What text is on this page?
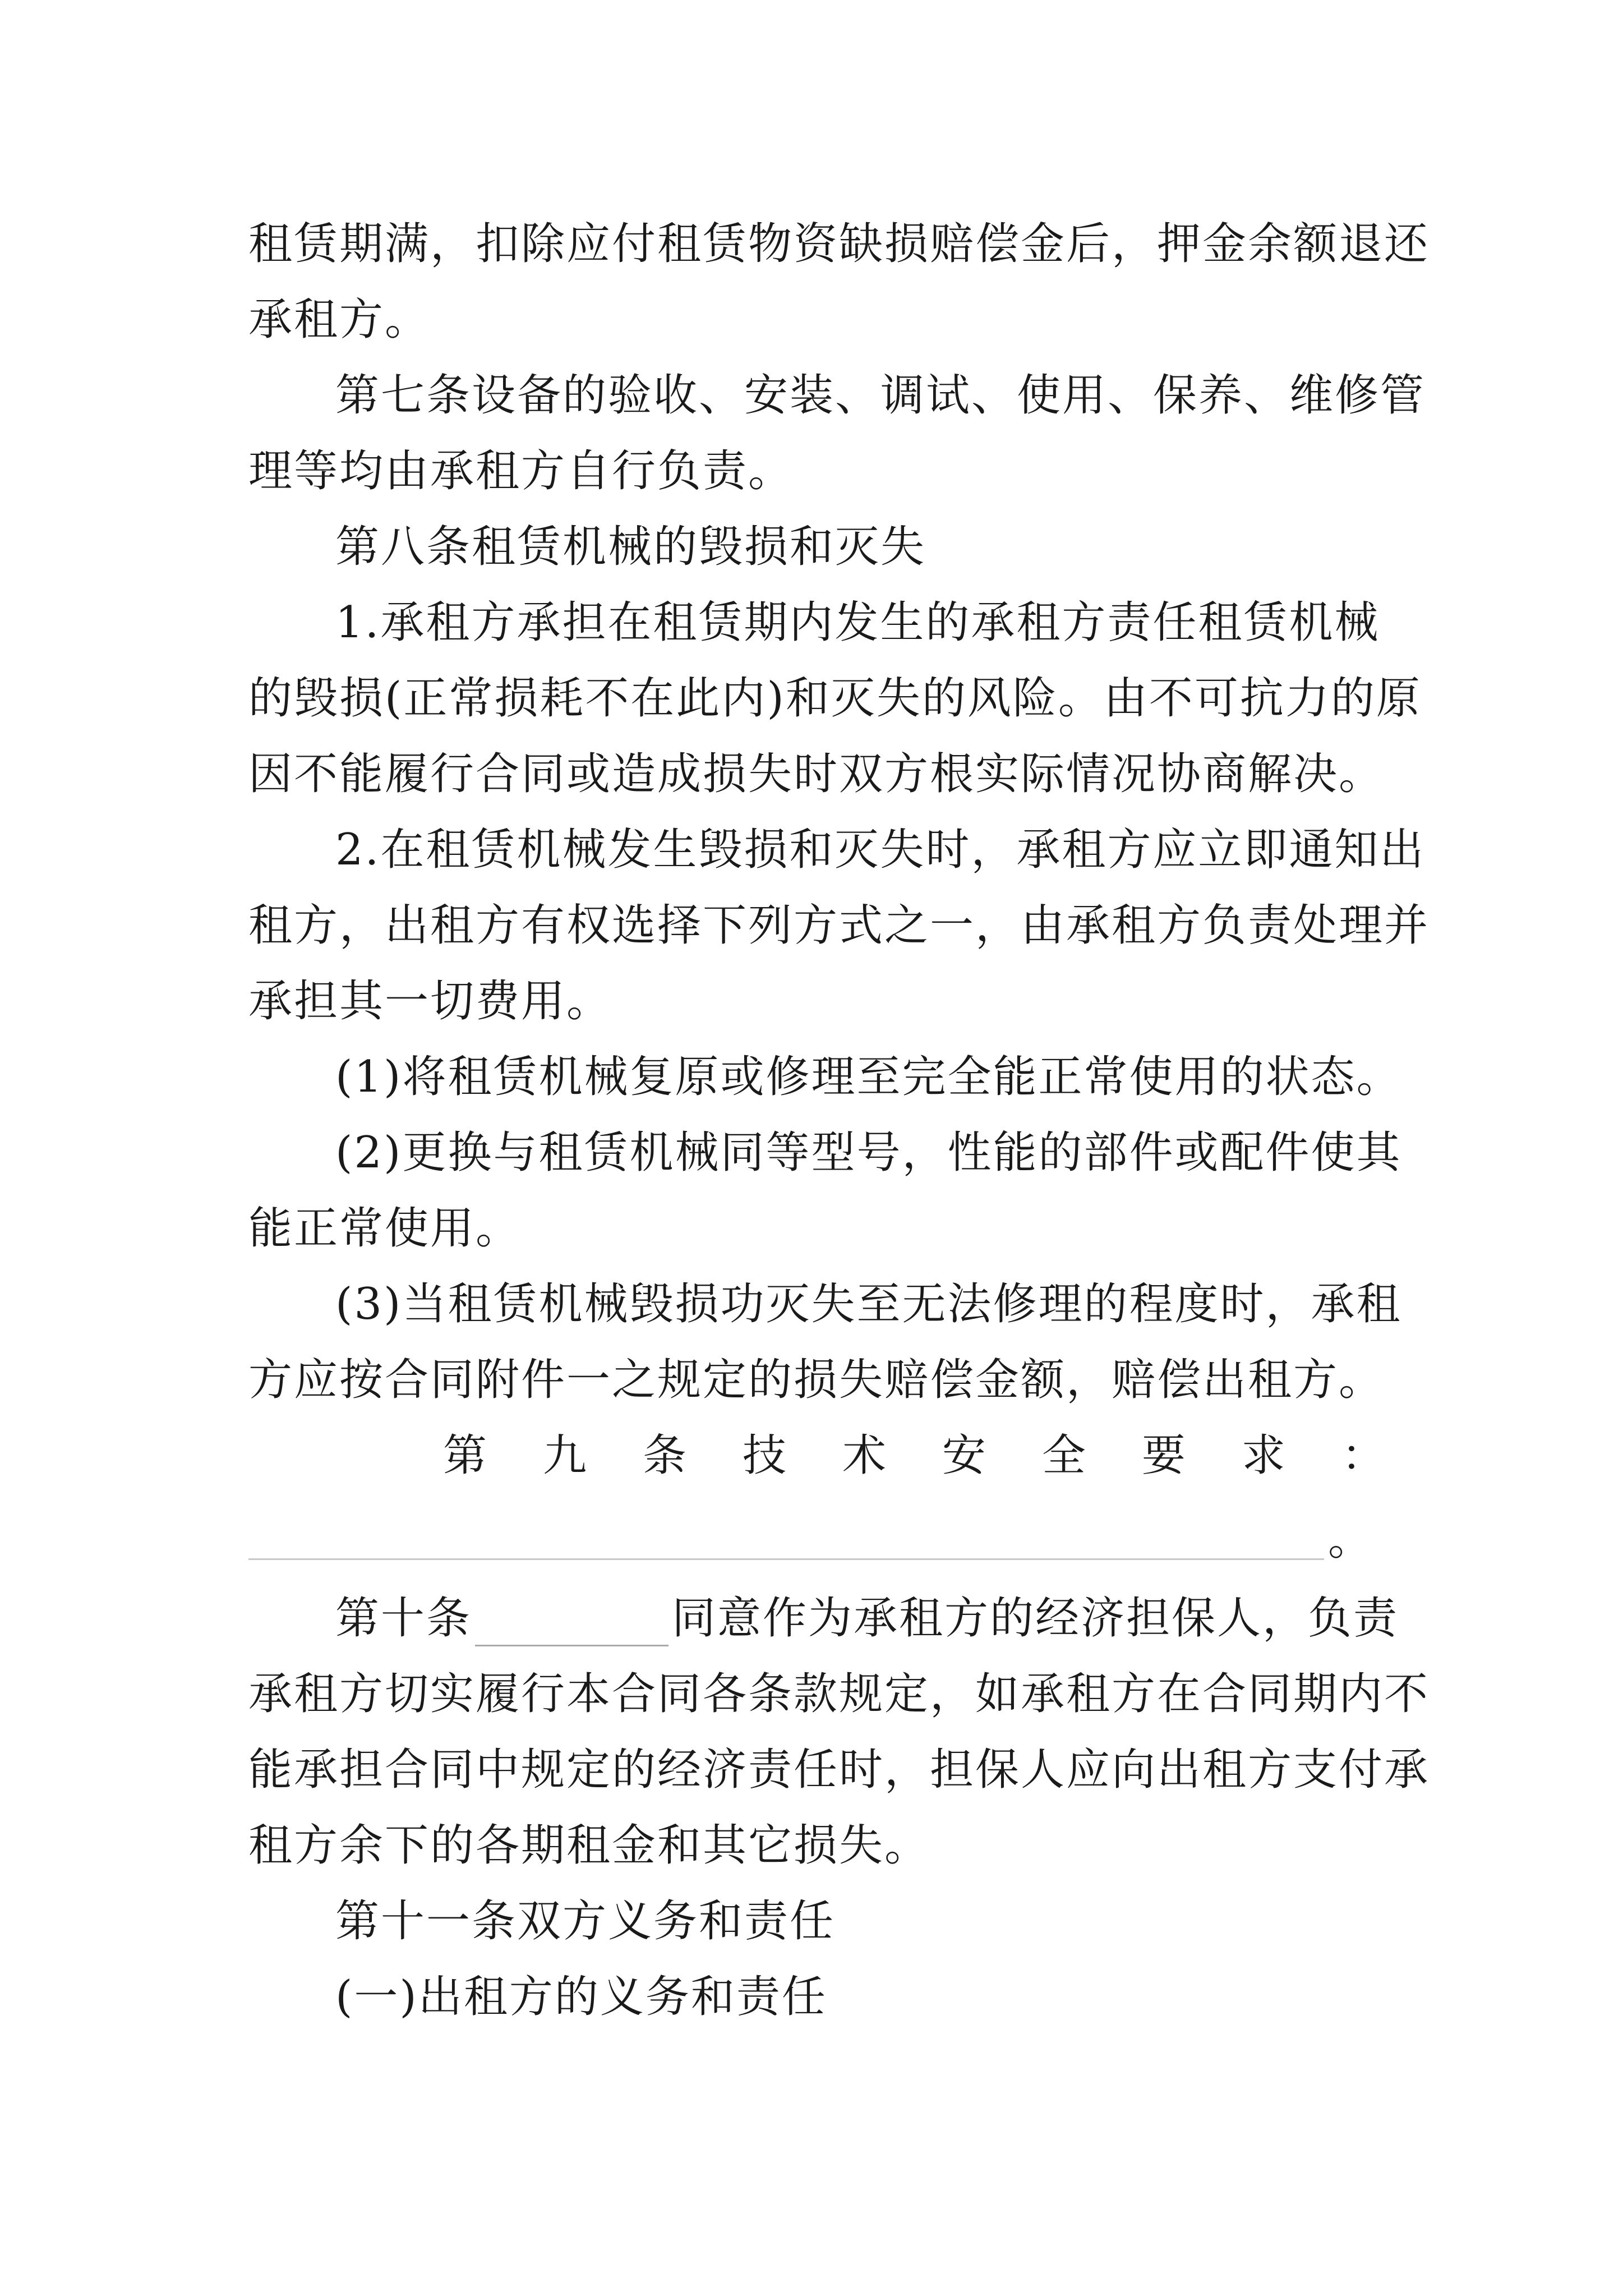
租赁期满，扣除应付租赁物资缺损赔偿金后，押金余额退还
承租方。
第七条设备的验收、安装、调试、使用、保养、维修管
理等均由承租方自行负责。
第八条租赁机械的毁损和灭失
1.承租方承担在租赁期内发生的承租方责任租赁机械
的毁损(正常损耗不在此内)和灭失的风险。由不可抗力的原
因不能履行合同或造成损失时双方根实际情况协商解决。
2.在租赁机械发生毁损和灭失时，承租方应立即通知出
租方，出租方有权选择下列方式之一，由承租方负责处理并
承担其一切费用。
(1)将租赁机械复原或修理至完全能正常使用的状态。
(2)更换与租赁机械同等型号，性能的部件或配件使其
能正常使用。
(3)当租赁机械毁损功灭失至无法修理的程度时，承租
方应按合同附件一之规定的损失赔偿金额，赔偿出租方。
第 九 条 技 术 安 全 要 求 ：
。
第十条	同意作为承租方的经济担保人，负责
承租方切实履行本合同各条款规定，如承租方在合同期内不
能承担合同中规定的经济责任时，担保人应向出租方支付承
租方余下的各期租金和其它损失。
第十一条双方义务和责任
(一)出租方的义务和责任
